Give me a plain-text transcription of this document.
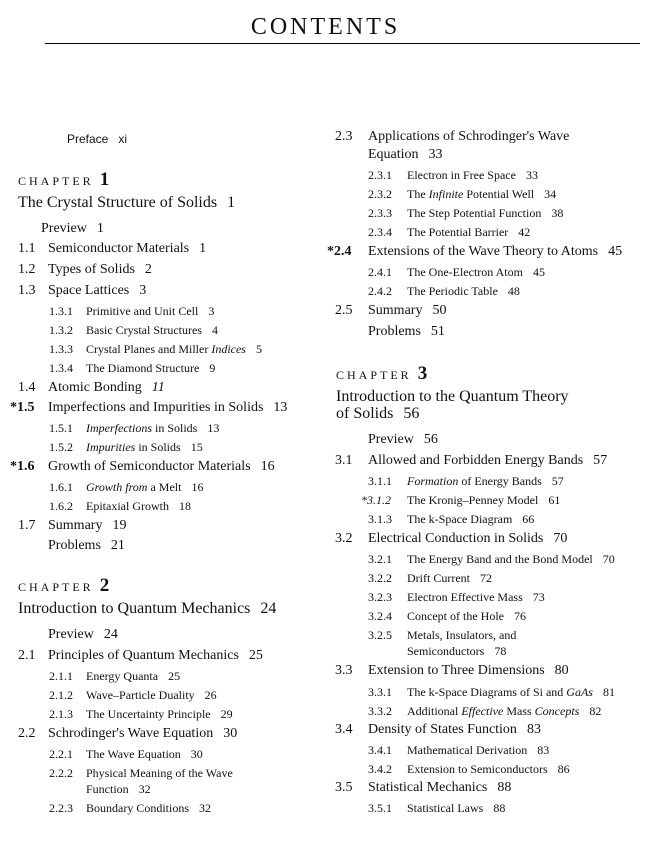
CONTENTS
Preface xi
CHAPTER 1
The Crystal Structure of Solids 1
Preview 1
1.1 Semiconductor Materials 1
1.2 Types of Solids 2
1.3 Space Lattices 3
1.3.1 Primitive and Unit Cell 3
1.3.2 Basic Crystal Structures 4
1.3.3 Crystal Planes and Miller Indices 5
1.3.4 The Diamond Structure 9
1.4 Atomic Bonding 11
*1.5 Imperfections and Impurities in Solids 13
1.5.1 Imperfections in Solids 13
1.5.2 Impurities in Solids 15
*1.6 Growth of Semiconductor Materials 16
1.6.1 Growth from a Melt 16
1.6.2 Epitaxial Growth 18
1.7 Summary 19
Problems 21
CHAPTER 2
Introduction to Quantum Mechanics 24
Preview 24
2.1 Principles of Quantum Mechanics 25
2.1.1 Energy Quanta 25
2.1.2 Wave–Particle Duality 26
2.1.3 The Uncertainty Principle 29
2.2 Schrodinger's Wave Equation 30
2.2.1 The Wave Equation 30
2.2.2 Physical Meaning of the Wave
Function 32
2.2.3 Boundary Conditions 32
2.3 Applications of Schrodinger's Wave
Equation 33
2.3.1 Electron in Free Space 33
2.3.2 The Infinite Potential Well 34
2.3.3 The Step Potential Function 38
2.3.4 The Potential Barrier 42
*2.4 Extensions of the Wave Theory to Atoms 45
2.4.1 The One-Electron Atom 45
2.4.2 The Periodic Table 48
2.5 Summary 50
Problems 51
CHAPTER 3
Introduction to the Quantum Theory
of Solids 56
Preview 56
3.1 Allowed and Forbidden Energy Bands 57
3.1.1 Formation of Energy Bands 57
*3.1.2 The Kronig–Penney Model 61
3.1.3 The k-Space Diagram 66
3.2 Electrical Conduction in Solids 70
3.2.1 The Energy Band and the Bond Model 70
3.2.2 Drift Current 72
3.2.3 Electron Effective Mass 73
3.2.4 Concept of the Hole 76
3.2.5 Metals, Insulators, and
Semiconductors 78
3.3 Extension to Three Dimensions 80
3.3.1 The k-Space Diagrams of Si and GaAs 81
3.3.2 Additional Effective Mass Concepts 82
3.4 Density of States Function 83
3.4.1 Mathematical Derivation 83
3.4.2 Extension to Semiconductors 86
3.5 Statistical Mechanics 88
3.5.1 Statistical Laws 88
